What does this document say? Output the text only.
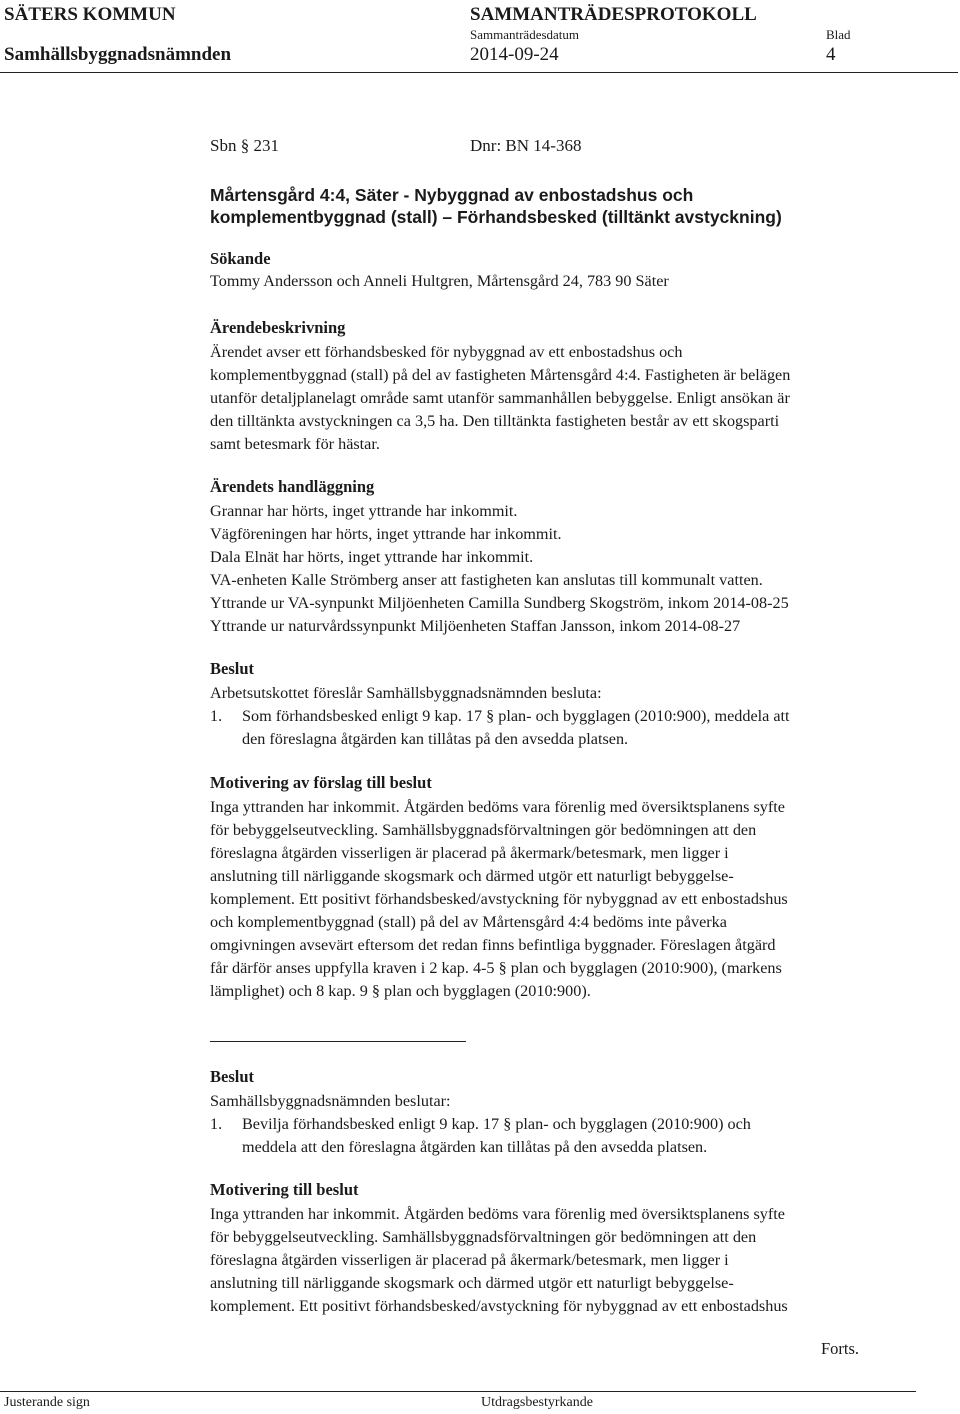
SÄTERS KOMMUN	SAMMANTRÄDESPROTOKOLL
Sammanträdesdatum	Blad
Samhällsbyggnadsnämnden	2014-09-24	4
Sbn § 231	Dnr: BN 14-368
Mårtensgård 4:4, Säter - Nybyggnad av enbostadshus och
komplementbyggnad (stall) – Förhandsbesked (tilltänkt avstyckning)
Sökande
Tommy Andersson och Anneli Hultgren, Mårtensgård 24, 783 90 Säter
Ärendebeskrivning
Ärendet avser ett förhandsbesked för nybyggnad av ett enbostadshus och
komplementbyggnad (stall) på del av fastigheten Mårtensgård 4:4. Fastigheten är belägen
utanför detaljplanelagt område samt utanför sammanhållen bebyggelse. Enligt ansökan är
den tilltänkta avstyckningen ca 3,5 ha. Den tilltänkta fastigheten består av ett skogsparti
samt betesmark för hästar.
Ärendets handläggning
Grannar har hörts, inget yttrande har inkommit.
Vägföreningen har hörts, inget yttrande har inkommit.
Dala Elnät har hörts, inget yttrande har inkommit.
VA-enheten Kalle Strömberg anser att fastigheten kan anslutas till kommunalt vatten.
Yttrande ur VA-synpunkt Miljöenheten Camilla Sundberg Skogström, inkom 2014-08-25
Yttrande ur naturvårdssynpunkt Miljöenheten Staffan Jansson, inkom 2014-08-27
Beslut
Arbetsutskottet föreslår Samhällsbyggnadsnämnden besluta:
1. Som förhandsbesked enligt 9 kap. 17 § plan- och bygglagen (2010:900), meddela att
den föreslagna åtgärden kan tillåtas på den avsedda platsen.
Motivering av förslag till beslut
Inga yttranden har inkommit. Åtgärden bedöms vara förenlig med översiktsplanens syfte
för bebyggelseutveckling. Samhällsbyggnadsförvaltningen gör bedömningen att den
föreslagna åtgärden visserligen är placerad på åkermark/betesmark, men ligger i
anslutning till närliggande skogsmark och därmed utgör ett naturligt bebyggelse-
komplement. Ett positivt förhandsbesked/avstyckning för nybyggnad av ett enbostadshus
och komplementbyggnad (stall) på del av Mårtensgård 4:4 bedöms inte påverka
omgivningen avsevärt eftersom det redan finns befintliga byggnader. Föreslagen åtgärd
får därför anses uppfylla kraven i 2 kap. 4-5 § plan och bygglagen (2010:900), (markens
lämplighet) och 8 kap. 9 § plan och bygglagen (2010:900).
Beslut
Samhällsbyggnadsnämnden beslutar:
1. Bevilja förhandsbesked enligt 9 kap. 17 § plan- och bygglagen (2010:900) och
meddela att den föreslagna åtgärden kan tillåtas på den avsedda platsen.
Motivering till beslut
Inga yttranden har inkommit. Åtgärden bedöms vara förenlig med översiktsplanens syfte
för bebyggelseutveckling. Samhällsbyggnadsförvaltningen gör bedömningen att den
föreslagna åtgärden visserligen är placerad på åkermark/betesmark, men ligger i
anslutning till närliggande skogsmark och därmed utgör ett naturligt bebyggelse-
komplement. Ett positivt förhandsbesked/avstyckning för nybyggnad av ett enbostadshus
Forts.
Justerande sign	Utdragsbestyrkande
